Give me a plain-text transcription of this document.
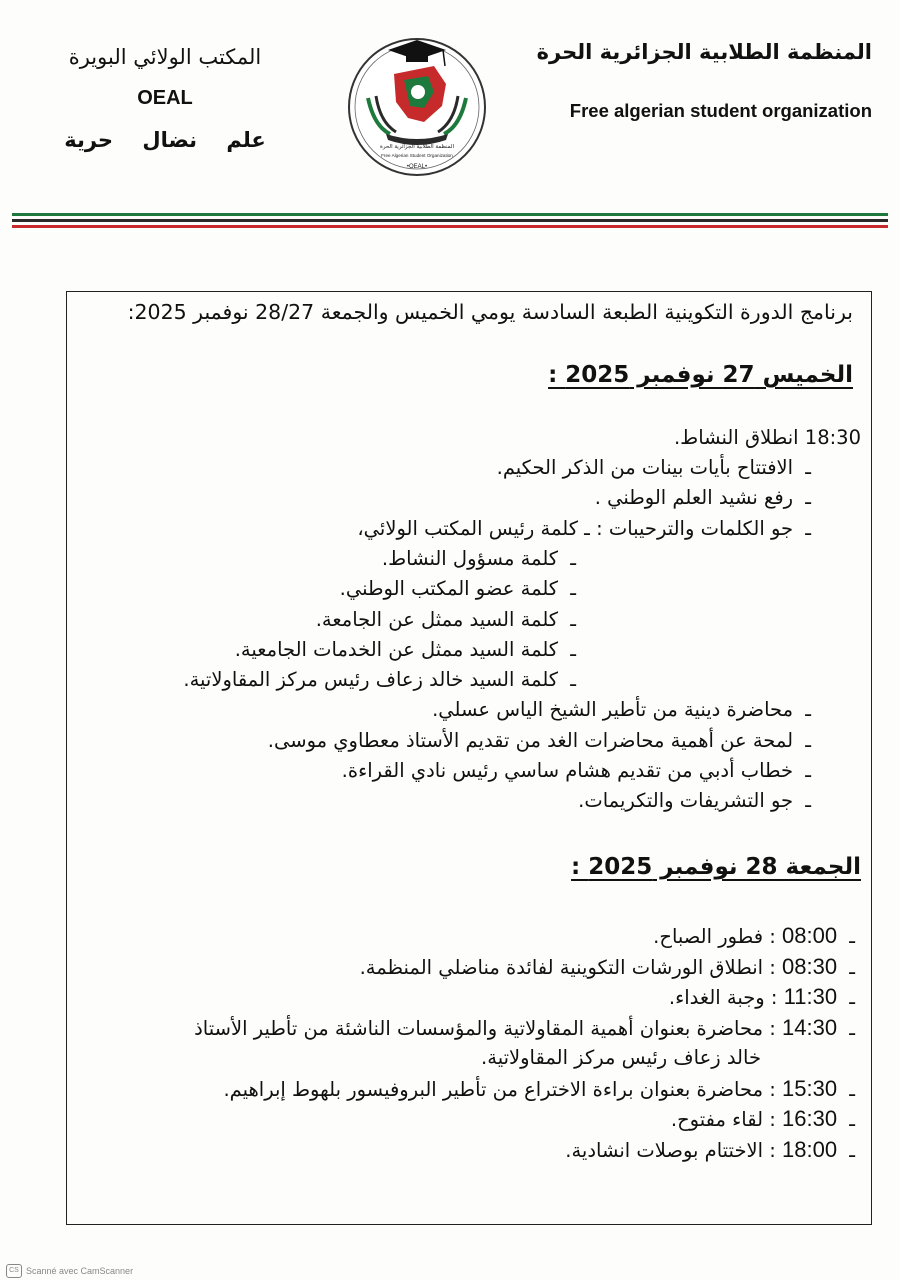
المنظمة الطلابية الجزائرية الحرة
Free algerian student organization
المكتب الولائي البويرة
OEAL
علم نضال حرية	المنظمة الطلابية الجزائرية الحرة
Free Algerian Student Organization
•OEAL•
برنامج الدورة التكوينية الطبعة السادسة يومي الخميس والجمعة 28/27 نوفمبر 2025:
الخميس 27 نوفمبر 2025 :
18:30 انطلاق النشاط.
ـ الافتتاح بأيات بينات من الذكر الحكيم.
ـ رفع نشيد العلم الوطني .
ـ جو الكلمات والترحيبات : ـ كلمة رئيس المكتب الولائي،
ـ كلمة مسؤول النشاط.
ـ كلمة عضو المكتب الوطني.
ـ كلمة السيد ممثل عن الجامعة.
ـ كلمة السيد ممثل عن الخدمات الجامعية.
ـ كلمة السيد خالد زعاف رئيس مركز المقاولاتية.
ـ محاضرة دينية من تأطير الشيخ الياس عسلي.
ـ لمحة عن أهمية محاضرات الغد من تقديم الأستاذ معطاوي موسى.
ـ خطاب أدبي من تقديم هشام ساسي رئيس نادي القراءة.
ـ جو التشريفات والتكريمات.
الجمعة 28 نوفمبر 2025 :
ـ 08:00 : فطور الصباح.
ـ 08:30 : انطلاق الورشات التكوينية لفائدة مناضلي المنظمة.
ـ 11:30 : وجبة الغداء.
ـ 14:30 : محاضرة بعنوان أهمية المقاولاتية والمؤسسات الناشئة من تأطير الأستاذ
خالد زعاف رئيس مركز المقاولاتية.
ـ 15:30 : محاضرة بعنوان براءة الاختراع من تأطير البروفيسور بلهوط إبراهيم.
ـ 16:30 : لقاء مفتوح.
ـ 18:00 : الاختتام بوصلات انشادية.
CS Scanné avec CamScanner
